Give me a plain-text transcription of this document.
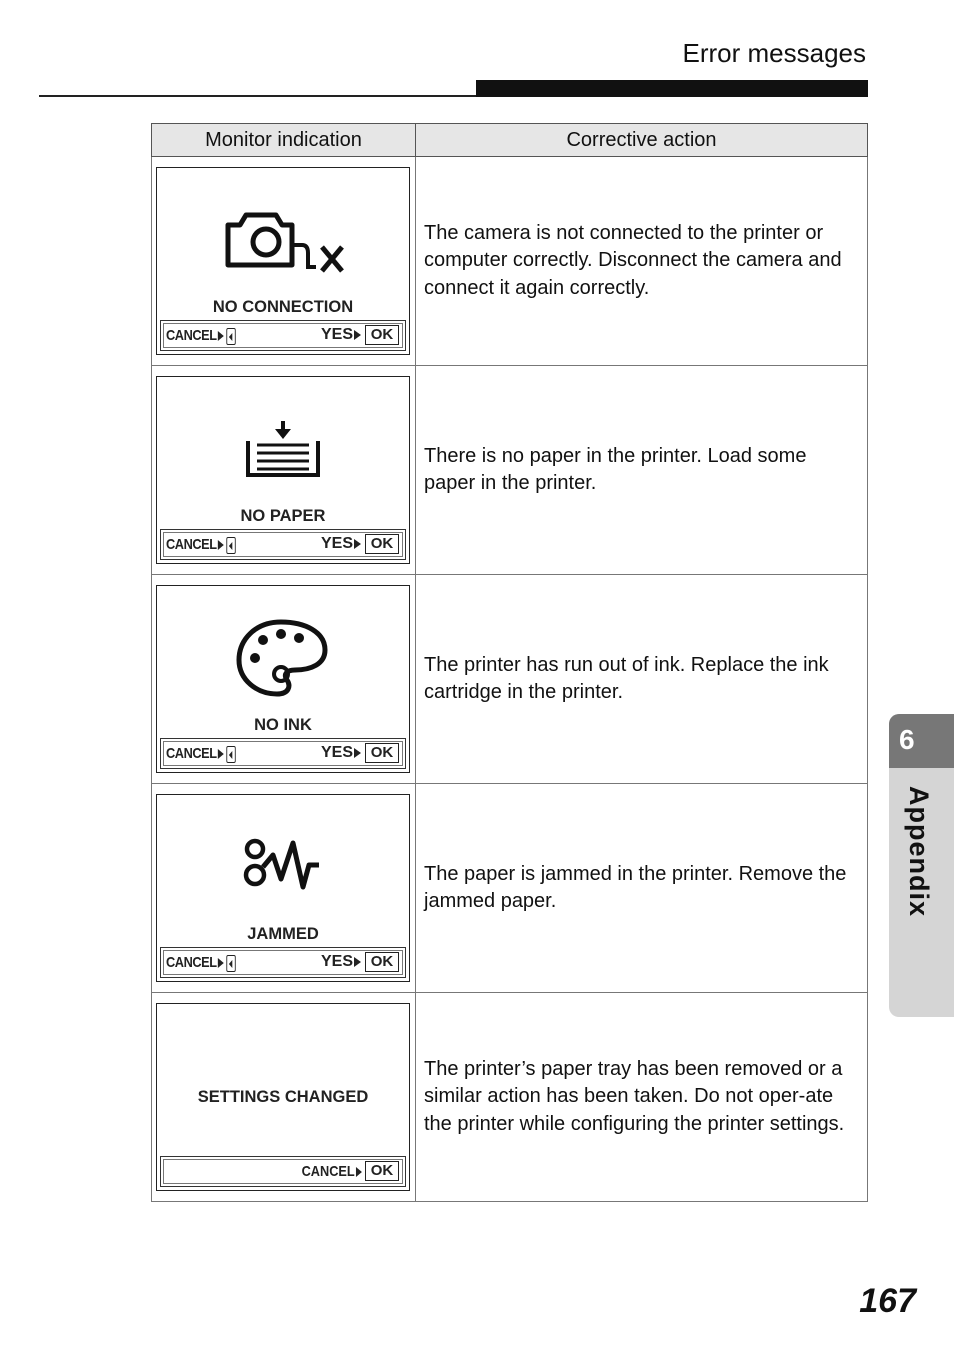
Error messages
Monitor indication	Corrective action

NO CONNECTION
CANCEL YES OK	The camera is not connected to the printer or computer correctly. Disconnect the camera and connect it again correctly.

NO PAPER
CANCEL YES OK	There is no paper in the printer. Load some paper in the printer.

NO INK
CANCEL YES OK	The printer has run out of ink. Replace the ink cartridge in the printer.

JAMMED
CANCEL YES OK	The paper is jammed in the printer. Remove the jammed paper.

SETTINGS CHANGED
CANCEL OK	The printer’s paper tray has been removed or a similar action has been taken. Do not oper-ate the printer while configuring the printer settings.
6
Appendix
167
